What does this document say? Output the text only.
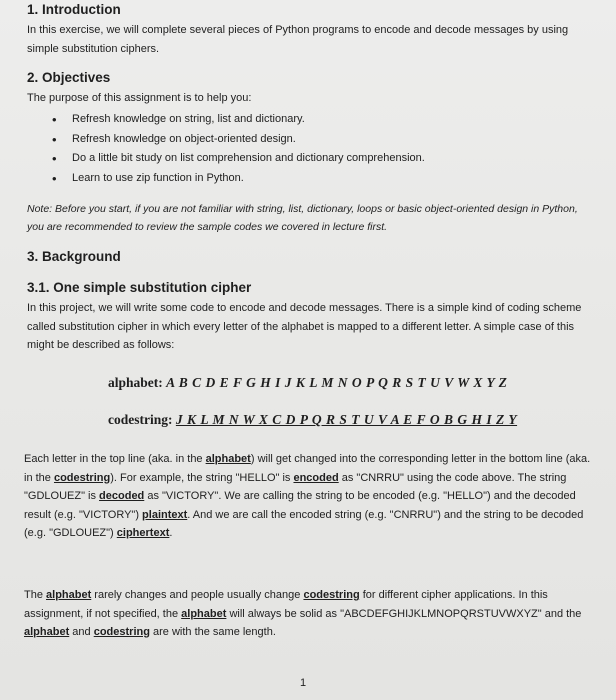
1. Introduction

In this exercise, we will complete several pieces of Python programs to encode and decode messages by using simple substitution ciphers.

2. Objectives

The purpose of this assignment is to help you:

• Refresh knowledge on string, list and dictionary.
• Refresh knowledge on object-oriented design.
• Do a little bit study on list comprehension and dictionary comprehension.
• Learn to use zip function in Python.

Note: Before you start, if you are not familiar with string, list, dictionary, loops or basic object-oriented design in Python, you are recommended to review the sample codes we covered in lecture first.

3. Background
3.1. One simple substitution cipher

In this project, we will write some code to encode and decode messages. There is a simple kind of coding scheme called substitution cipher in which every letter of the alphabet is mapped to a different letter. A simple case of this might be described as follows:

alphabet: A B C D E F G H I J K L M N O P Q R S T U V W X Y Z
codestring: J K L M N W X C D P Q R S T U V A E F O B G H I Z Y

Each letter in the top line (aka. in the alphabet) will get changed into the corresponding letter in the bottom line (aka. in the codestring). For example, the string "HELLO" is encoded as "CNRRU" using the code above. The string "GDLOUEZ" is decoded as "VICTORY". We are calling the string to be encoded (e.g. "HELLO") and the decoded result (e.g. "VICTORY") plaintext. And we are call the encoded string (e.g. "CNRRU") and the string to be decoded (e.g. "GDLOUEZ") ciphertext.

The alphabet rarely changes and people usually change codestring for different cipher applications. In this assignment, if not specified, the alphabet will always be solid as "ABCDEFGHIJKLMNOPQRSTUVWXYZ" and the alphabet and codestring are with the same length.

1
